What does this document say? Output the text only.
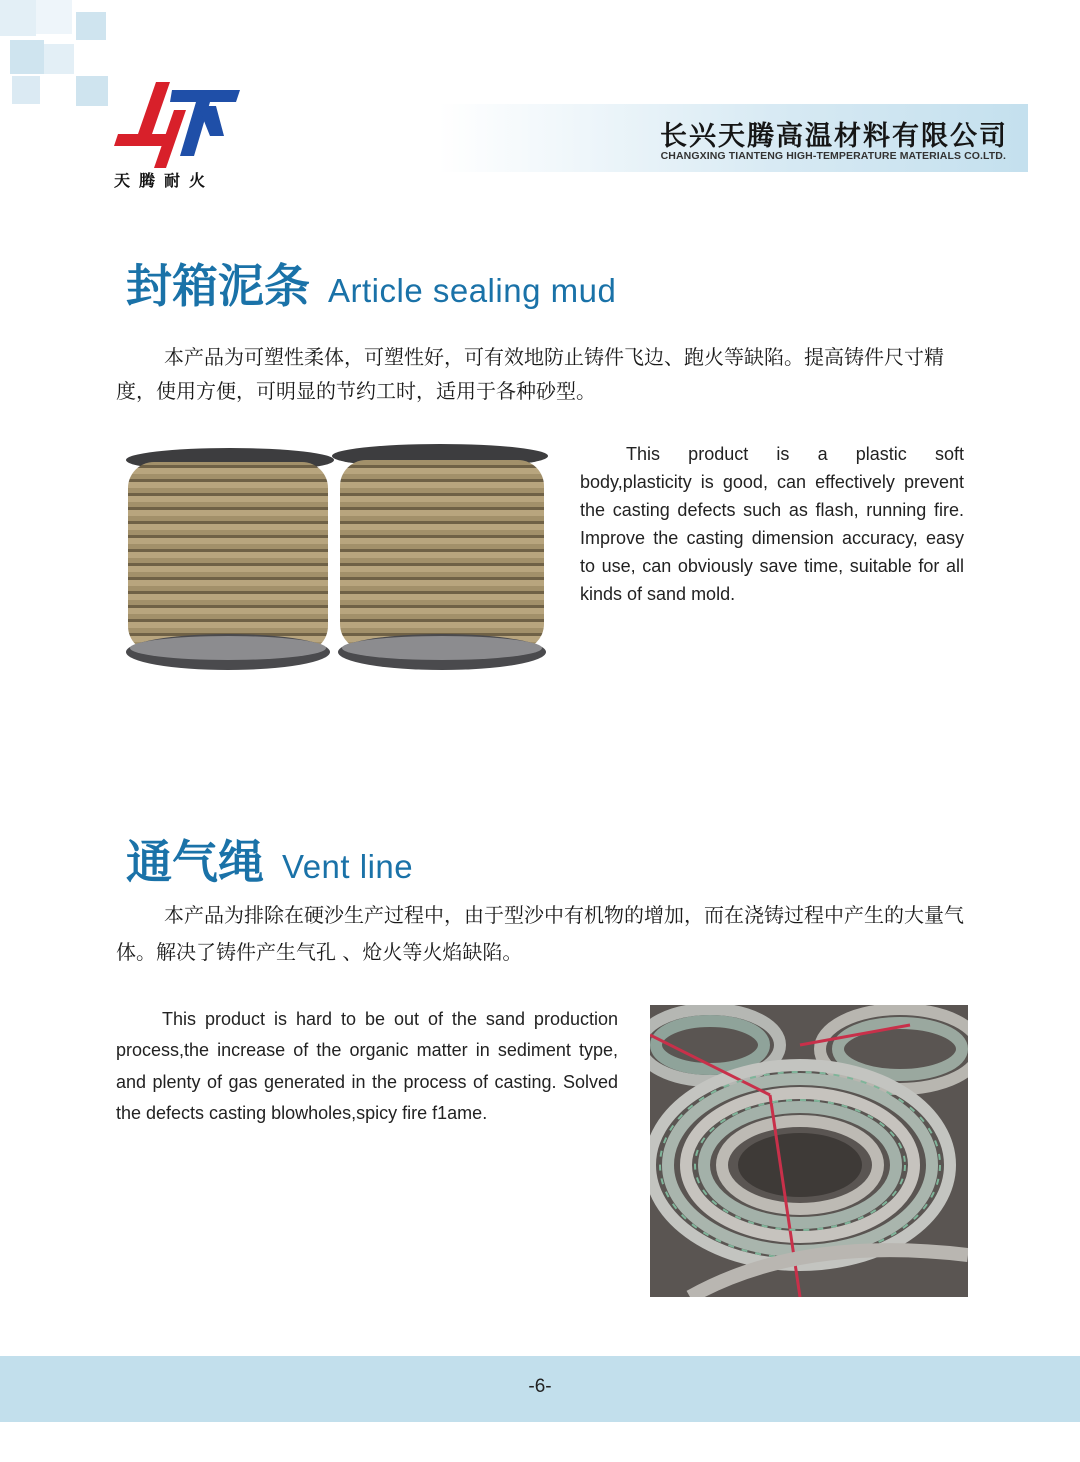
长兴天腾高温材料有限公司
CHANGXING TIANTENG HIGH-TEMPERATURE MATERIALS CO.LTD.
天腾耐火
封箱泥条 Article sealing mud
本产品为可塑性柔体，可塑性好，可有效地防止铸件飞边、跑火等缺陷。提高铸件尺寸精度，使用方便，可明显的节约工时，适用于各种砂型。
This product is a plastic soft body,plasticity is good, can effectively prevent the casting defects such as flash, running fire. Improve the casting dimension accuracy, easy to use, can obviously save time, suitable for all kinds of sand mold.
通气绳 Vent line
本产品为排除在硬沙生产过程中，由于型沙中有机物的增加，而在浇铸过程中产生的大量气体。解决了铸件产生气孔 、炝火等火焰缺陷。
This product is hard to be out of the sand production process,the increase of the organic matter in sediment type, and plenty of gas generated in the process of casting. Solved the defects casting blowholes,spicy fire f1ame.
-6-
